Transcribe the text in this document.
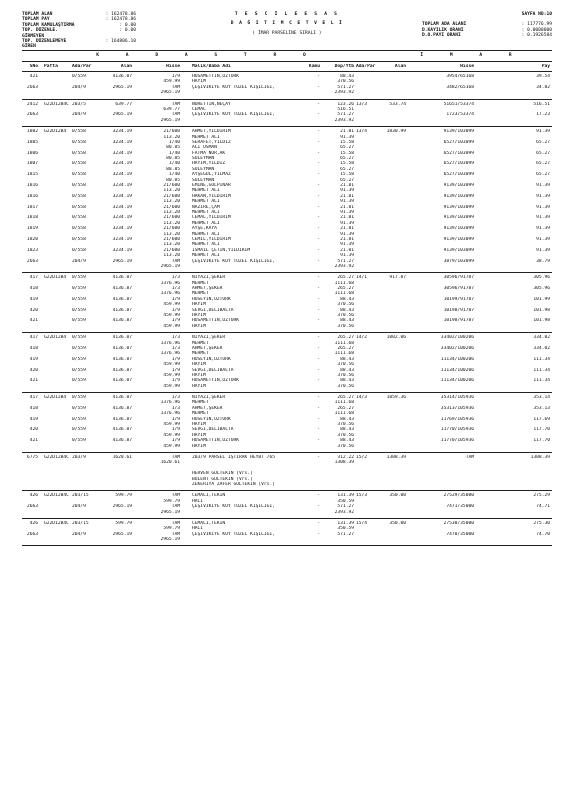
TOPLAM ALAN	: 162478.86
TOPLAM PAY	: 162478.86
TOPLAM KAMULAŞTIRMA	: 0.00
TOP. DÜZENLE. GİRMEYEN
: 0.00
TOP. DÜZENLEMEYE GİREN
: 164806.10
T E S C İ L E E S A S
D A Ğ I T I M C E T V E L İ
( İMAR PARSELİNE SIRALI )
SAYFA NO:10
TOPLAM ADA ALANI	: 117776.99
D.KAYILIK ORANI	: 0.0000000
D.O.PAYI ORANI	: 0.1926584
K A D A S T R O	İ M A R
SNo	Pafta	Ada/Par	Alan	Hisse	Malik/Baba Adı	Kamu	Dop/Ytb Ada/Par	Alan	Hisse	Pay
421	0/559	4136.87	1/9	HUSAMETTİN,ÖZTÜRK	-	88.43	3954/65168	39.54
459.99	HAYİM	370.56
2663	204/9	2965.19	TAM	ÇEŞİVİKİYE KÖY TÜZEL KİŞİLİĞİ,	-	571.27	3482/65168	34.82
2965.19	2393.92
2412	G22D12B4C 203/5	639.77	TAM	NURETTİN,NEÇAY	-	123.26 13/3	533.74	51651/53374	516.51
639.77	CEMAL	516.51
2663	204/9	2965.19	TAM	ÇEŞİVİKİYE KÖY TÜZEL KİŞİLİĞİ,	-	571.27	1723/53374	17.23
2965.19	2393.92
1802	G22D12B4	0/558	3234.19	21/600	AHMET,YILDIRIM	-	21.81 13/4	1830.99	9139/103099	91.39
113.20	MEHMET ALİ	91.39
1805	0/558	3234.19	1/40	SERAFET,YILDIZ	-	15.58	6527/103099	65.27
80.85	ALİ OSMAN	65.27
1806	0/558	3234.19	1/40	FATMA NUR,AK	-	15.58	6527/103099	65.27
80.85	SÜLEYMAN	65.27
1807	0/558	3234.19	1/40	HAYİM,YILDIZ	-	15.58	6527/103099	65.27
80.85	SÜLEYMAN	65.27
1815	0/558	3234.19	1/40	AYŞEGÜL,YILMAZ	-	15.58	6527/103099	65.27
80.85	SÜLEYMAN	65.27
1816	0/558	3234.19	21/600	EMİNE,GÜLPINAR	-	21.81	9139/103099	91.39
113.20	MEHMET ALİ	91.39
1816	0/558	3234.19	21/600	HAKAN,YILDIRIM	-	21.81	9139/103099	91.39
113.20	MEHMET ALİ	91.39
1817	0/558	3234.19	21/600	NAZİRE,ÇAM	-	21.81	9139/103099	91.39
113.20	MEHMET ALİ	91.39
1818	0/558	3234.19	21/600	CEMAL,YILDIRIM	-	21.81	9139/103099	91.39
113.20	MEHMET ALİ	91.39
1819	0/558	3234.19	21/600	AYŞE,KAYA	-	21.81	9139/103099	91.39
113.20	MEHMET ALİ	91.39
1820	0/558	3234.19	21/600	CEMİL,YILDIRIM	-	21.81	9139/103099	91.39
113.20	MEHMET ALİ	91.39
1823	0/558	3234.19	21/600	İSMAİL ÇETİN,YILDIRIM	-	21.81	9139/103099	91.39
113.20	MEHMET ALİ	91.39
2663	204/9	2965.19	TAM	ÇEŞİVİKİYE KÖY TÜZEL KİŞİLİĞİ,	-	571.27	3879/103099	38.79
2965.19	2393.92
417	G22D12B4	0/559	4136.87	1/3	NİYAZİ,ŞEKER	-	265.27 14/1	917.87	30596/91787	305.96
1376.96	MEHMET	1111.68
418	0/559	4136.87	1/3	AHMET,ŞEKER	-	265.27	30596/91787	305.96
1376.96	MEHMET	1111.68
419	0/559	4136.87	1/9	HÜSEYİN,ÖZTÜRK	-	88.43	10199/91787	101.99
459.99	HAYİM	370.56
420	0/559	4136.87	1/9	SEVGİ,DELİBALTA	-	88.43	10198/91787	101.98
459.99	HAYİM	370.56
421	0/559	4136.87	1/9	HUSAMETTİN,ÖZTÜRK	-	88.43	10198/91787	101.98
459.99	HAYİM	370.56
417	G22D12B4	0/559	4136.87	1/3	NİYAZİ,ŞEKER	-	265.27 14/2	1002.06	33402/100206	334.02
1376.96	MEHMET	1111.68
418	0/559	4136.87	1/3	AHMET,ŞEKER	-	265.27	33402/100206	334.02
1376.96	MEHMET	1111.68
419	0/559	4136.87	1/9	HÜSEYİN,ÖZTÜRK	-	88.43	11134/100206	111.34
459.99	HAYİM	370.56
420	0/559	4136.87	1/9	SEVGİ,DELİBALTA	-	88.43	11134/100206	111.34
459.99	HAYİM	370.56
421	0/559	4136.87	1/9	HUSAMETTİN,ÖZTÜRK	-	88.43	11134/100206	111.34
459.99	HAYİM	370.56
417	G22D12B4	0/559	4136.87	1/3	NİYAZİ,ŞEKER	-	265.27 14/3	1059.36	35314/105936	353.14
1376.96	MEHMET	1111.68
418	0/559	4136.87	1/3	AHMET,ŞEKER	-	265.27	35313/105936	353.13
1376.96	MEHMET	1111.68
419	0/559	4136.87	1/9	HÜSEYİN,ÖZTÜRK	-	88.43	11769/105936	117.69
459.99	HAYİM	370.56
420	0/559	4136.87	1/9	SEVGİ,DELİBALTA	-	88.43	11770/105936	117.70
459.99	HAYİM	370.56
421	0/559	4136.87	1/9	HUSAMETTİN,ÖZTÜRK	-	88.43	11770/105936	117.70
459.99	HAYİM	370.56
6775	G22D12B4C 203/9	1620.61	TAM	203/9 PARSEL İŞTİRAK HEYBT 765	-	312.22 15/2	1308.39	TAM	1308.39
1620.61	1308.39
HERVEN GÜLTEKİN [Vrs.]
BÜLENT GÜLTEKİN [Vrs.]
ZEKERİYA ZAFER GÜLTEKİN [Vrs.]
426	G22D12B4C 203/15	599.79	TAM	CEMALİ,TEKİN	-	131.39 15/3	350.00	27529/35000	275.29
599.79	HACI	350.59
2663	204/9	2965.19	TAM	ÇEŞİVİKİYE KÖY TÜZEL KİŞİLİĞİ,	-	571.27	7471/35000	74.71
2965.19	2393.92
426	G22D12B4C 203/15	599.79	TAM	CEMALİ,TEKİN	-	131.39 15/4	350.00	27530/35000	275.30
599.79	HACI	350.59
2663	204/9	2965.19	TAM	ÇEŞİVİKİYE KÖY TÜZEL KİŞİLİĞİ,	-	571.27	7470/35000	74.70
2965.19
